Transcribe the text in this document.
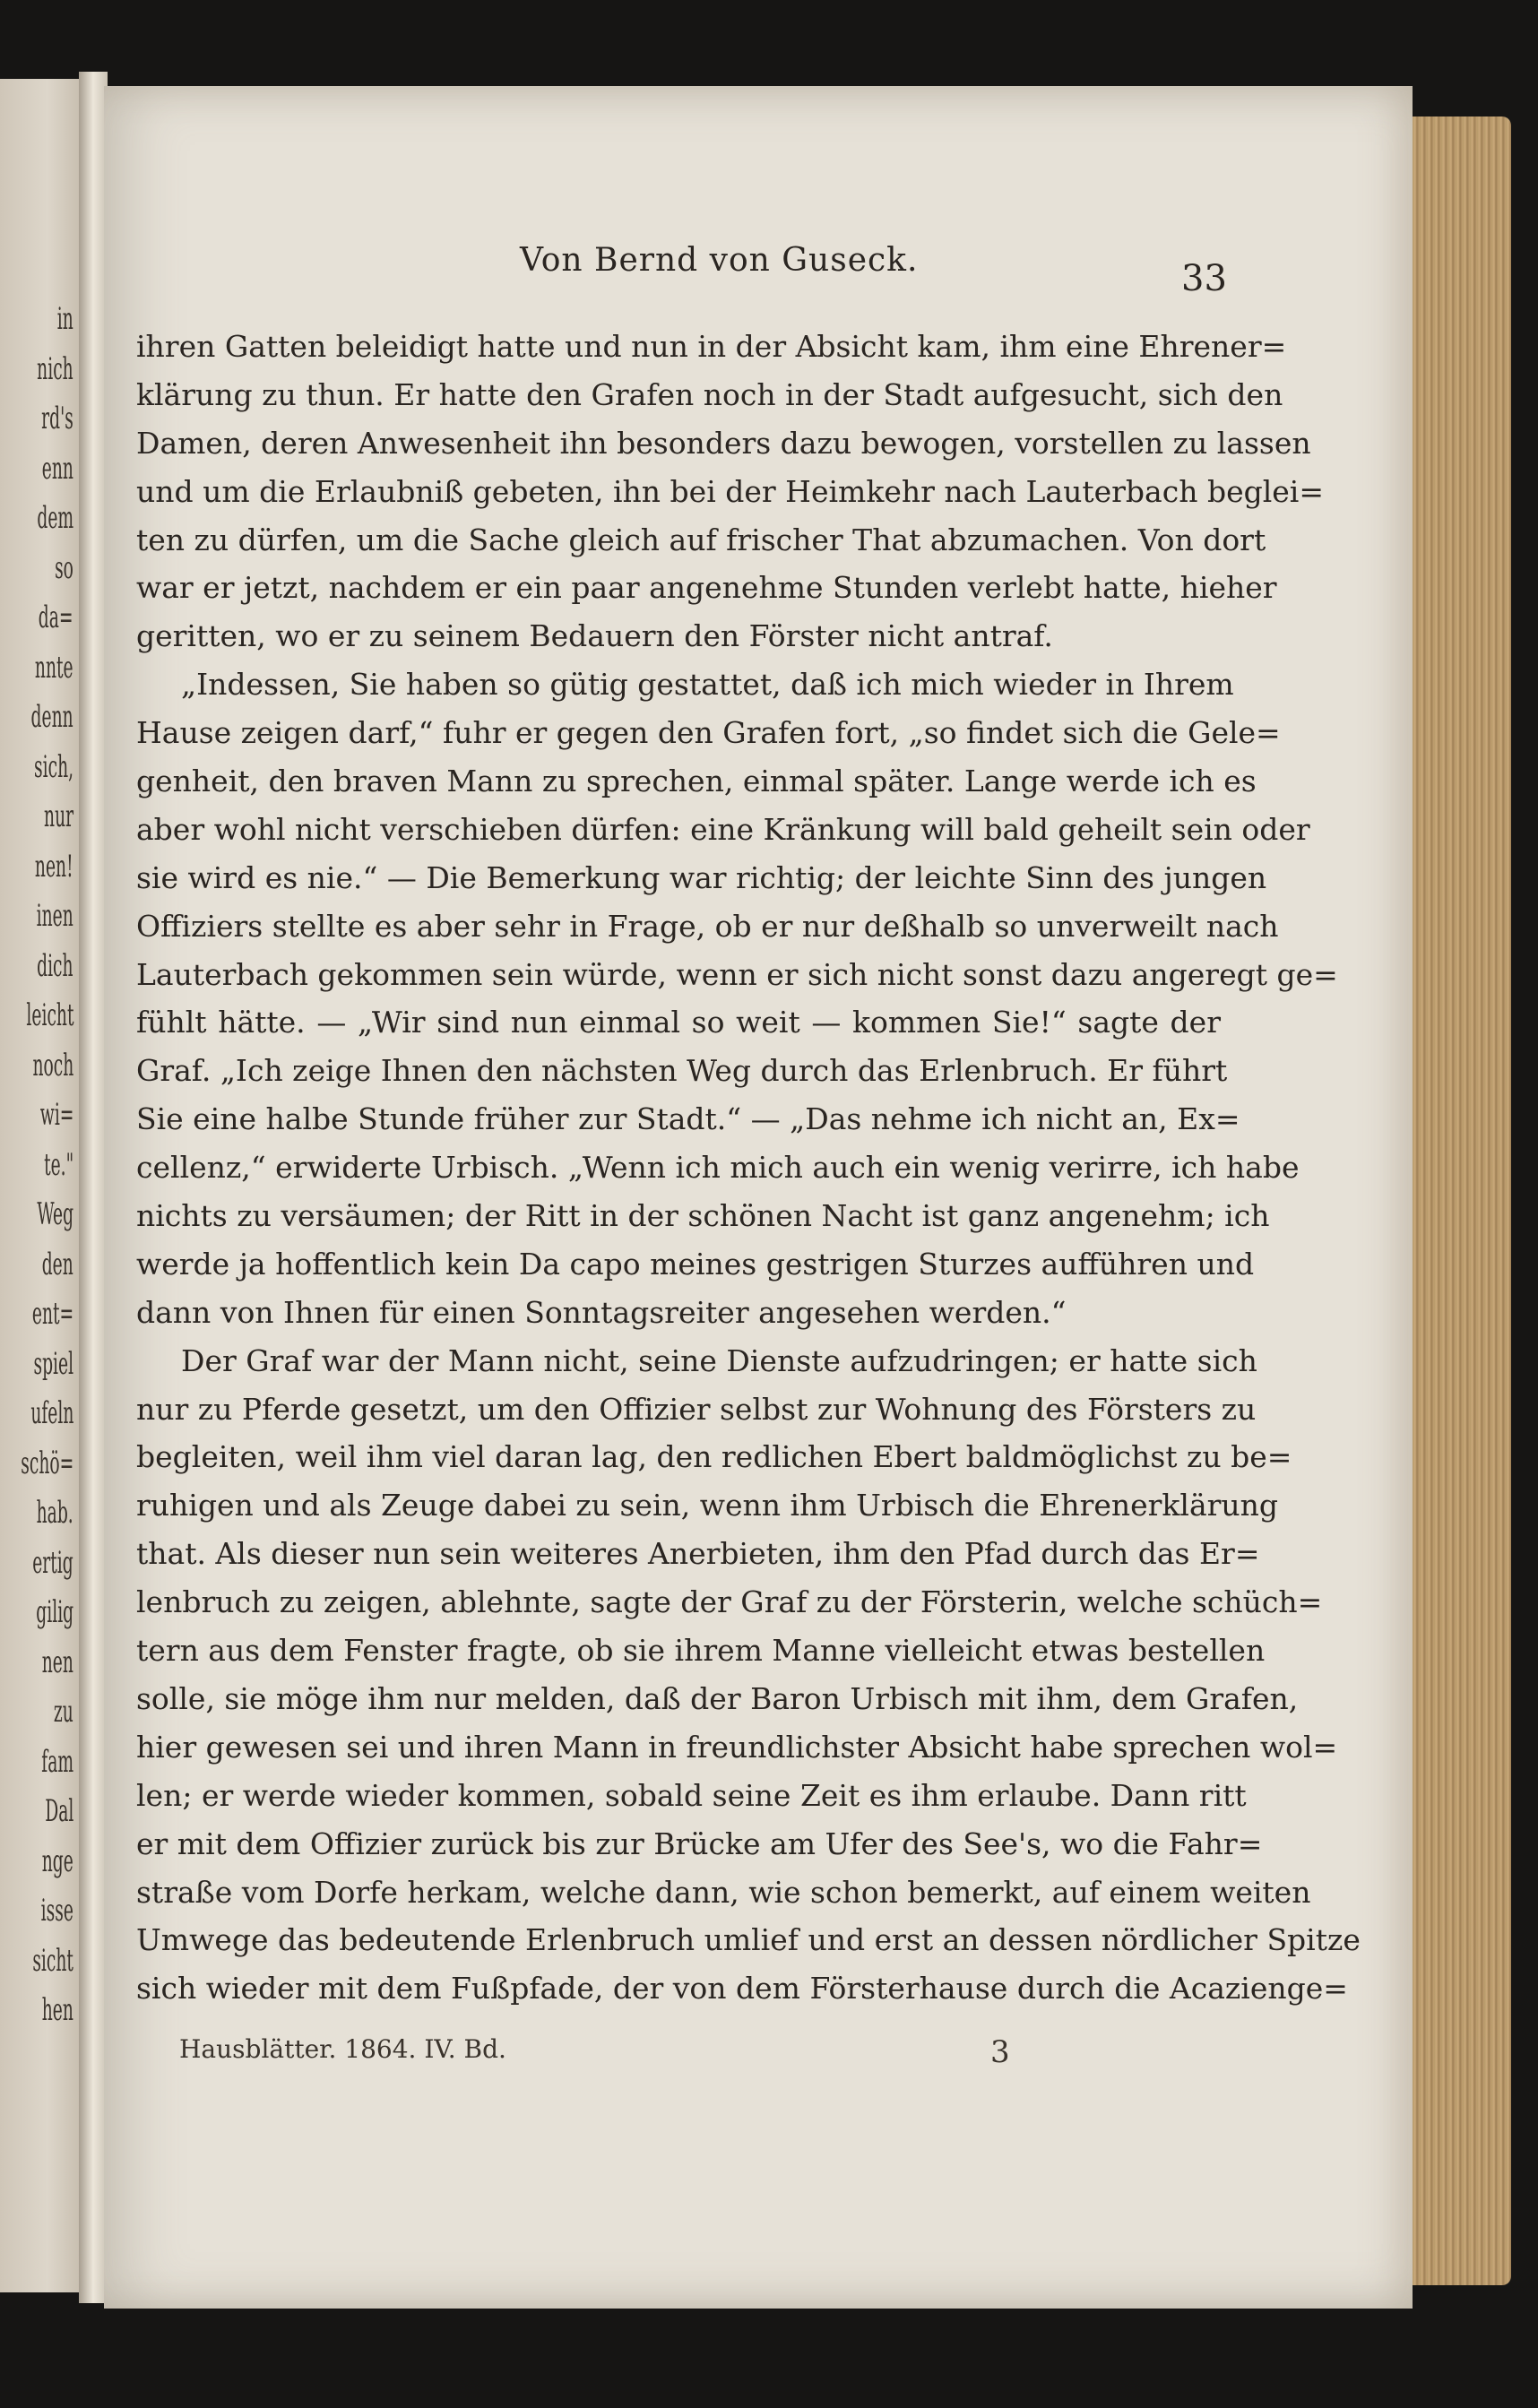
in
nich
rd's
enn
dem
so
da=
nnte
denn
sich,
nur
nen!
inen
dich
leicht
noch
wi=
te."
Weg
den
ent=
spiel
ufeln
schö=
hab.
ertig
gilig
nen
zu
fam
Dal
nge
isse
sicht
hen
Von Bernd von Guseck.	33
ihren Gatten beleidigt hatte und nun in der Absicht kam, ihm eine Ehrener=
klärung zu thun. Er hatte den Grafen noch in der Stadt aufgesucht, sich den
Damen, deren Anwesenheit ihn besonders dazu bewogen, vorstellen zu lassen
und um die Erlaubniß gebeten, ihn bei der Heimkehr nach Lauterbach beglei=
ten zu dürfen, um die Sache gleich auf frischer That abzumachen. Von dort
war er jetzt, nachdem er ein paar angenehme Stunden verlebt hatte, hieher
geritten, wo er zu seinem Bedauern den Förster nicht antraf.
„Indessen, Sie haben so gütig gestattet, daß ich mich wieder in Ihrem
Hause zeigen darf,“ fuhr er gegen den Grafen fort, „so findet sich die Gele=
genheit, den braven Mann zu sprechen, einmal später. Lange werde ich es
aber wohl nicht verschieben dürfen: eine Kränkung will bald geheilt sein oder
sie wird es nie.“ — Die Bemerkung war richtig; der leichte Sinn des jungen
Offiziers stellte es aber sehr in Frage, ob er nur deßhalb so unverweilt nach
Lauterbach gekommen sein würde, wenn er sich nicht sonst dazu angeregt ge=
fühlt hätte. — „Wir sind nun einmal so weit — kommen Sie!“ sagte der
Graf. „Ich zeige Ihnen den nächsten Weg durch das Erlenbruch. Er führt
Sie eine halbe Stunde früher zur Stadt.“ — „Das nehme ich nicht an, Ex=
cellenz,“ erwiderte Urbisch. „Wenn ich mich auch ein wenig verirre, ich habe
nichts zu versäumen; der Ritt in der schönen Nacht ist ganz angenehm; ich
werde ja hoffentlich kein Da capo meines gestrigen Sturzes aufführen und
dann von Ihnen für einen Sonntagsreiter angesehen werden.“
Der Graf war der Mann nicht, seine Dienste aufzudringen; er hatte sich
nur zu Pferde gesetzt, um den Offizier selbst zur Wohnung des Försters zu
begleiten, weil ihm viel daran lag, den redlichen Ebert baldmöglichst zu be=
ruhigen und als Zeuge dabei zu sein, wenn ihm Urbisch die Ehrenerklärung
that. Als dieser nun sein weiteres Anerbieten, ihm den Pfad durch das Er=
lenbruch zu zeigen, ablehnte, sagte der Graf zu der Försterin, welche schüch=
tern aus dem Fenster fragte, ob sie ihrem Manne vielleicht etwas bestellen
solle, sie möge ihm nur melden, daß der Baron Urbisch mit ihm, dem Grafen,
hier gewesen sei und ihren Mann in freundlichster Absicht habe sprechen wol=
len; er werde wieder kommen, sobald seine Zeit es ihm erlaube. Dann ritt
er mit dem Offizier zurück bis zur Brücke am Ufer des See's, wo die Fahr=
straße vom Dorfe herkam, welche dann, wie schon bemerkt, auf einem weiten
Umwege das bedeutende Erlenbruch umlief und erst an dessen nördlicher Spitze
sich wieder mit dem Fußpfade, der von dem Försterhause durch die Acazienge=
Hausblätter. 1864. IV. Bd.	3
